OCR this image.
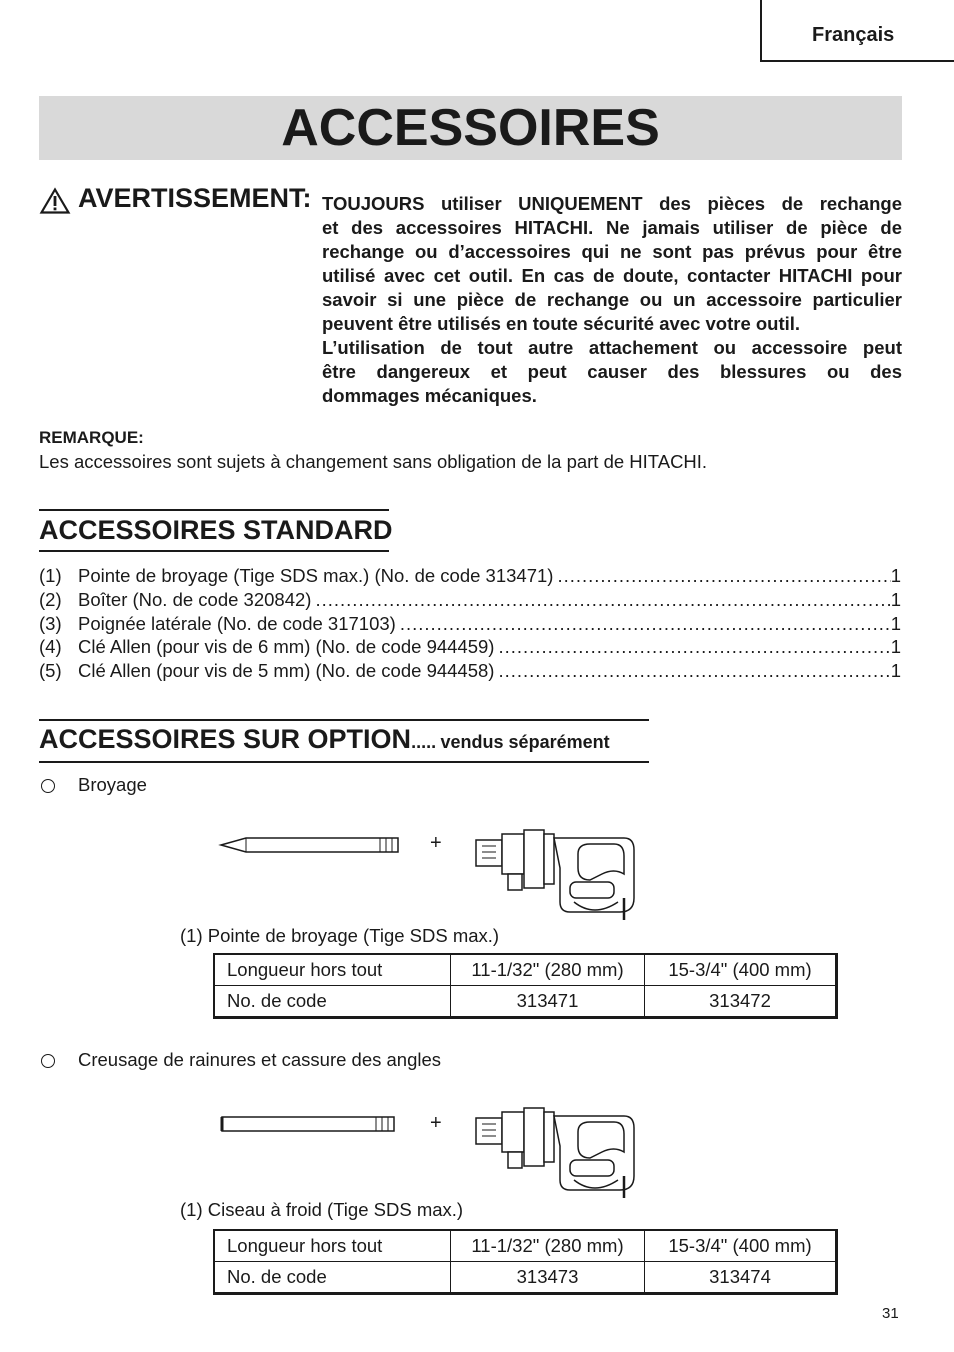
Français
ACCESSOIRES
AVERTISSEMENT: TOUJOURS utiliser UNIQUEMENT des pièces de rechange
et des accessoires HITACHI. Ne jamais utiliser de pièce de
rechange ou d’accessoires qui ne sont pas prévus pour être
utilisé avec cet outil. En cas de doute, contacter HITACHI pour
savoir si une pièce de rechange ou un accessoire particulier
peuvent être utilisés en toute sécurité avec votre outil.
L’utilisation de tout autre attachement ou accessoire peut
être dangereux et peut causer des blessures ou des
dommages mécaniques.
REMARQUE:
Les accessoires sont sujets à changement sans obligation de la part de HITACHI.
ACCESSOIRES STANDARD
(1) Pointe de broyage (Tige SDS max.) (No. de code 313471) .....	1
(2) Boîter (No. de code 320842) .....	1
(3) Poignée latérale (No. de code 317103) .....	1
(4) Clé Allen (pour vis de 6 mm) (No. de code 944459) .....	1
(5) Clé Allen (pour vis de 5 mm) (No. de code 944458) .....	1
ACCESSOIRES SUR OPTION..... vendus séparément
Broyage
+
(1) Pointe de broyage (Tige SDS max.)
Longueur hors tout	11-1/32" (280 mm)	15-3/4" (400 mm)
No. de code	313471	313472
Creusage de rainures et cassure des angles
+
(1) Ciseau à froid (Tige SDS max.)
Longueur hors tout	11-1/32" (280 mm)	15-3/4" (400 mm)
No. de code	313473	313474
31
